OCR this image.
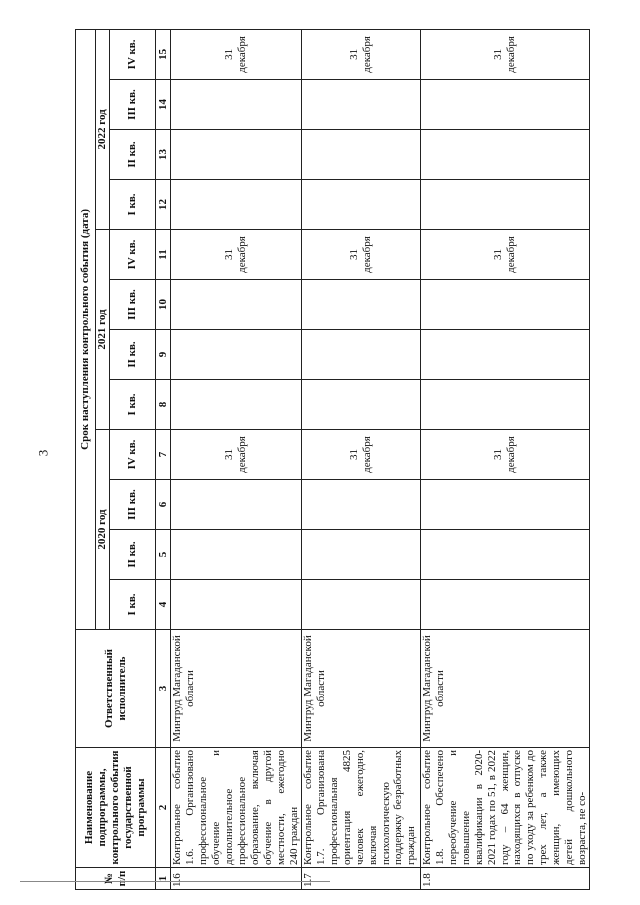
3
№ п/п	Наименование подпрограммы, контрольного события государственной программы	Ответственный исполнитель	Срок наступления контрольного события (дата)											
			2020 год				2021 год				2022 год			
			I кв.	II кв.	III кв.	IV кв.	I кв.	II кв.	III кв.	IV кв.	I кв.	II кв.	III кв.	IV кв.
1	2	3	4	5	6	7	8	9	10	11	12	13	14	15
1.6	Контрольное событие 1.6. Организовано профессиональное обучение и дополнительное профессиональное образование, включая обучение в другой местности, ежегодно 240 граждан	Минтруд Магаданской области				31 декабря				31 декабря				31 декабря
1.7	Контрольное событие 1.7. Организована профессиональная ориентация 4825 человек ежегодно, включая психологическую поддержку безработных граждан	Минтруд Магаданской области				31 декабря				31 декабря				31 декабря
1.8	Контрольное событие 1.8. Обеспечено переобучение и повышение квалификации в 2020-2021 годах по 51, в 2022 году – 64 женщин, находящихся в отпуске по уходу за ребенком до трех лет, а также женщин, имеющих детей дошкольного возраста, не со-	Минтруд Магаданской области				31 декабря				31 декабря				31 декабря
